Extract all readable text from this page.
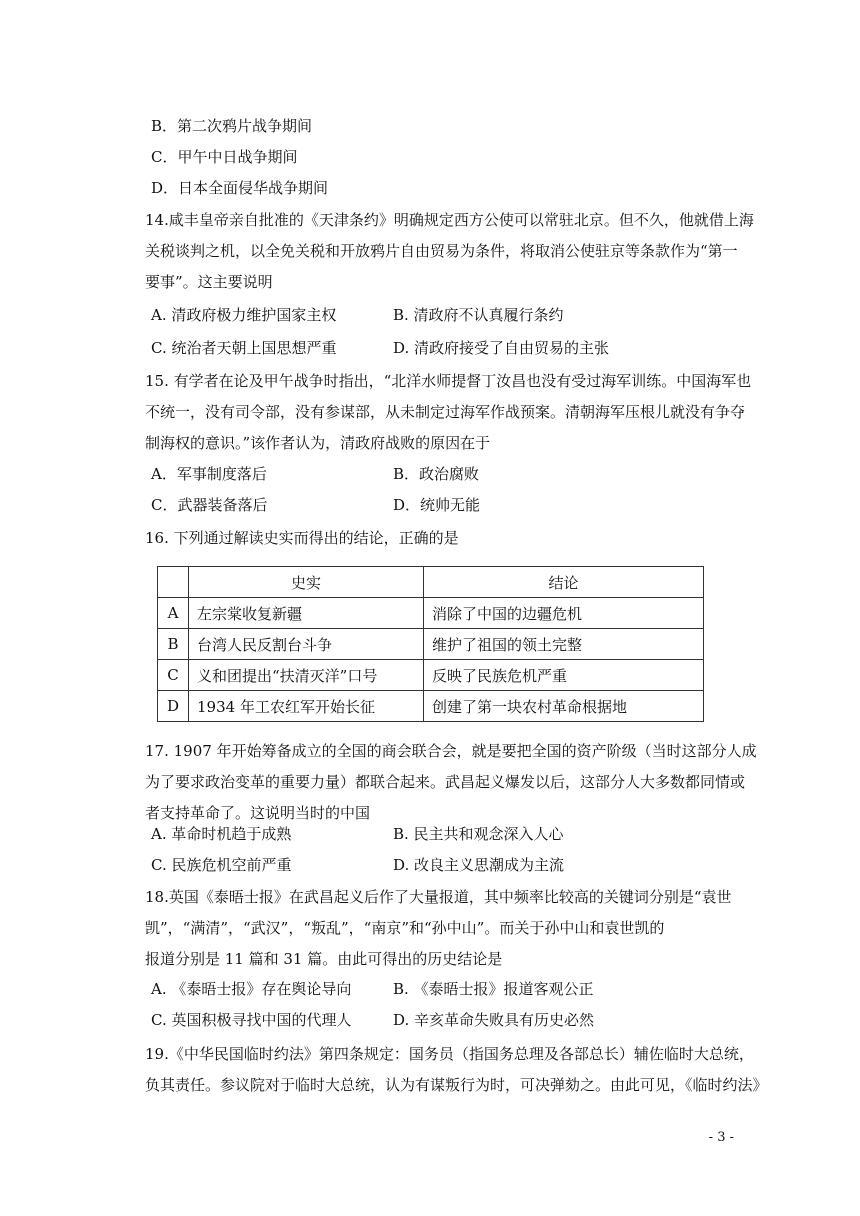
B．第二次鸦片战争期间
C．甲午中日战争期间
D．日本全面侵华战争期间
14.咸丰皇帝亲自批准的《天津条约》明确规定西方公使可以常驻北京。但不久，他就借上海
关税谈判之机，以全免关税和开放鸦片自由贸易为条件，将取消公使驻京等条款作为“第一
要事”。这主要说明
A. 清政府极力维护国家主权	B. 清政府不认真履行条约
C. 统治者天朝上国思想严重	D. 清政府接受了自由贸易的主张
15. 有学者在论及甲午战争时指出，“北洋水师提督丁汝昌也没有受过海军训练。中国海军也
不统一，没有司令部，没有参谋部，从未制定过海军作战预案。清朝海军压根儿就没有争夺
制海权的意识。”该作者认为，清政府战败的原因在于
A．军事制度落后	B．政治腐败
C．武器装备落后	D．统帅无能
16. 下列通过解读史实而得出的结论，正确的是
	史实	结论
A	左宗棠收复新疆	消除了中国的边疆危机
B	台湾人民反割台斗争	维护了祖国的领土完整
C	义和团提出“扶清灭洋”口号	反映了民族危机严重
D	1934 年工农红军开始长征	创建了第一块农村革命根据地
17. 1907 年开始筹备成立的全国的商会联合会，就是要把全国的资产阶级（当时这部分人成
为了要求政治变革的重要力量）都联合起来。武昌起义爆发以后，这部分人大多数都同情或
者支持革命了。这说明当时的中国
A. 革命时机趋于成熟	B. 民主共和观念深入人心
C. 民族危机空前严重	D. 改良主义思潮成为主流
18.英国《泰晤士报》在武昌起义后作了大量报道，其中频率比较高的关键词分别是“袁世
凯”，“满清”，“武汉”，“叛乱”，“南京”和“孙中山”。而关于孙中山和袁世凯的
报道分别是 11 篇和 31 篇。由此可得出的历史结论是
A. 《泰晤士报》存在舆论导向	B. 《泰晤士报》报道客观公正
C. 英国积极寻找中国的代理人	D. 辛亥革命失败具有历史必然
19.《中华民国临时约法》第四条规定：国务员（指国务总理及各部总长）辅佐临时大总统，
负其责任。参议院对于临时大总统，认为有谋叛行为时，可决弹劾之。由此可见，《临时约法》
- 3 -
